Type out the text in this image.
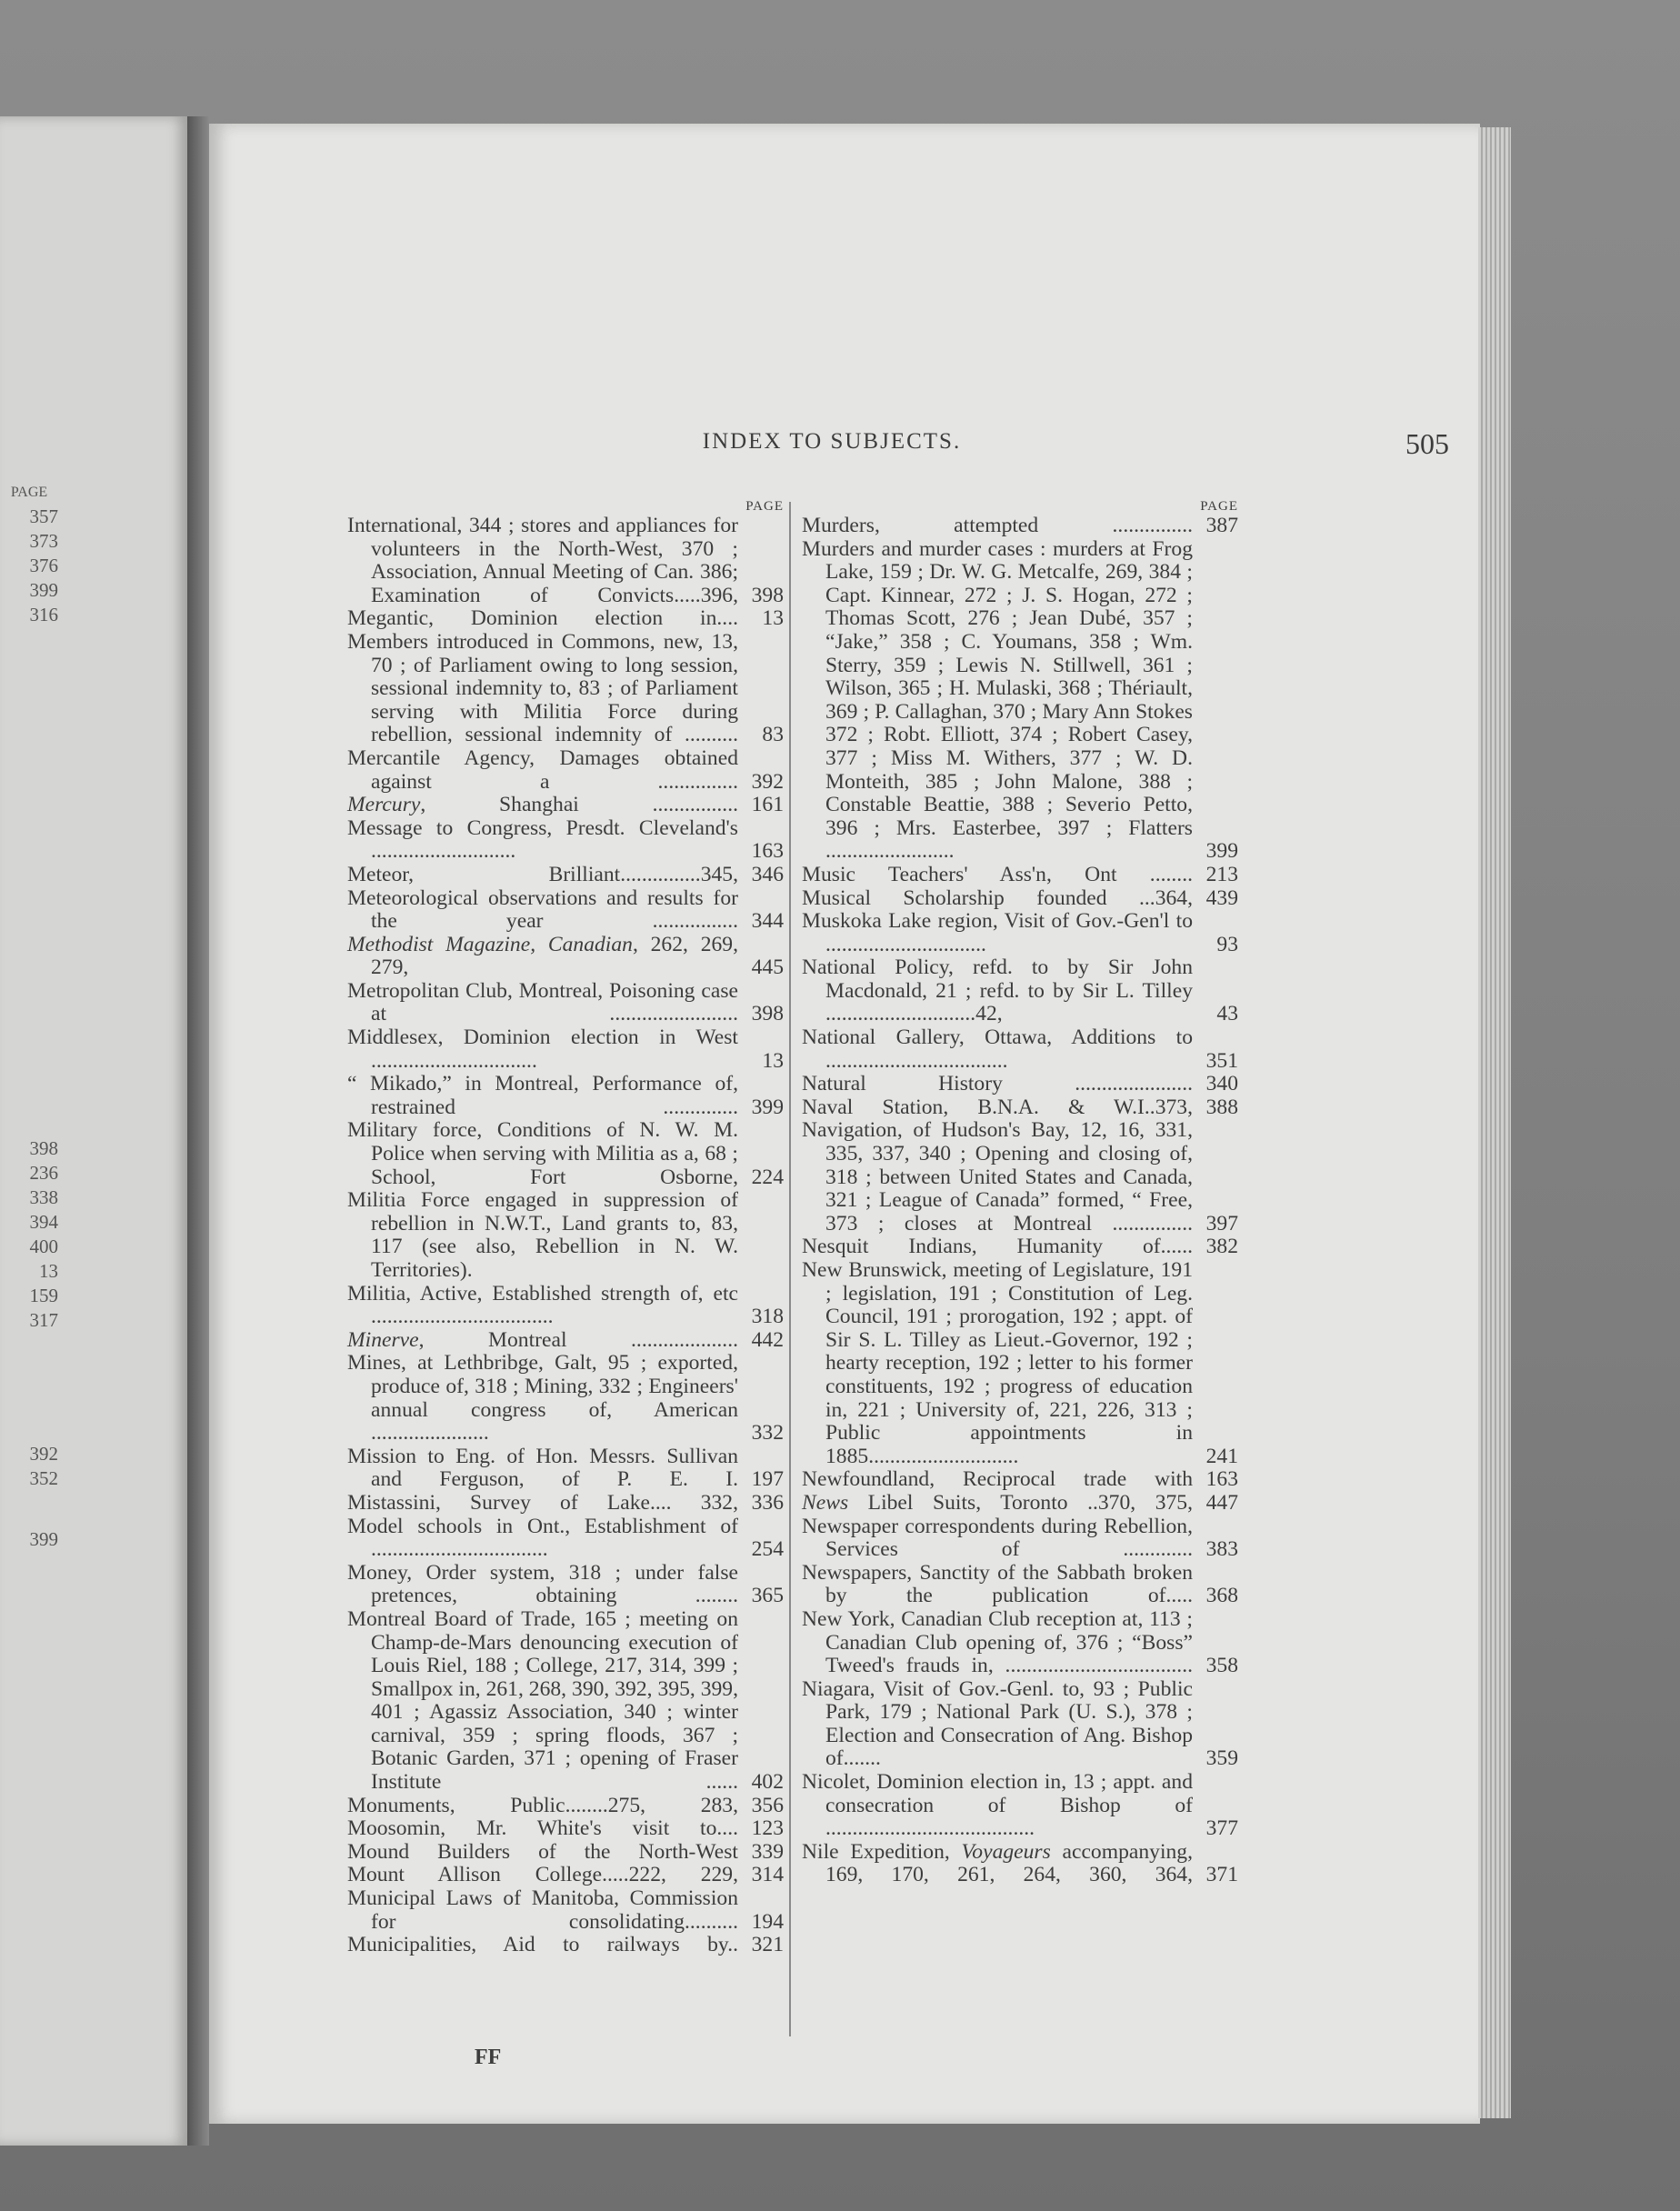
PAGE
357
373
376
399
316
398
236
338
394
400
13
159
317
392
352
399
INDEX TO SUBJECTS.	505
PAGE
International, 344 ; stores and appliances for volunteers in the North-West, 370 ; Association, Annual Meeting of Can. 386; Examination of Convicts.....396, 398
Megantic, Dominion election in....	13
Members introduced in Commons, new, 13, 70 ; of Parliament owing to long session, sessional indemnity to, 83 ; of Parliament serving with Militia Force during rebellion, sessional indemnity of ..........	83
Mercantile Agency, Damages obtained against a ............... 392
Mercury, Shanghai ................ 161
Message to Congress, Presdt. Cleveland's ...........................	163
Meteor, Brilliant...............345, 346
Meteorological observations and results for the year ................ 344
Methodist Magazine, Canadian, 262, 269, 279,	445
Metropolitan Club, Montreal, Poisoning case at ........................ 398
Middlesex, Dominion election in West ...............................	13
“ Mikado,” in Montreal, Performance of, restrained .............. 399
Military force, Conditions of N. W. M. Police when serving with Militia as a, 68 ; School, Fort Osborne, 224
Militia Force engaged in suppression of rebellion in N.W.T., Land grants to, 83, 117 (see also, Rebellion in N. W. Territories).
Militia, Active, Established strength of, etc ..................................	318
Minerve, Montreal .................... 442
Mines, at Lethbribge, Galt, 95 ; exported, produce of, 318 ; Mining, 332 ; Engineers' annual congress of, American ......................	332
Mission to Eng. of Hon. Messrs. Sullivan and Ferguson, of P. E. I. 197
Mistassini, Survey of Lake.... 332, 336
Model schools in Ont., Establishment of .................................	254
Money, Order system, 318 ; under false pretences, obtaining ........ 365
Montreal Board of Trade, 165 ; meeting on Champ-de-Mars denouncing execution of Louis Riel, 188 ; College, 217, 314, 399 ; Smallpox in, 261, 268, 390, 392, 395, 399, 401 ; Agassiz Association, 340 ; winter carnival, 359 ; spring floods, 367 ; Botanic Garden, 371 ; opening of Fraser Institute ...... 402
Monuments, Public........275, 283, 356
Moosomin, Mr. White's visit to.... 123
Mound Builders of the North-West 339
Mount Allison College.....222, 229, 314
Municipal Laws of Manitoba, Commission for consolidating.......... 194
Municipalities, Aid to railways by.. 321
PAGE
Murders, attempted ............... 387
Murders and murder cases : murders at Frog Lake, 159 ; Dr. W. G. Metcalfe, 269, 384 ; Capt. Kinnear, 272 ; J. S. Hogan, 272 ; Thomas Scott, 276 ; Jean Dubé, 357 ; “Jake,” 358 ; C. Youmans, 358 ; Wm. Sterry, 359 ; Lewis N. Stillwell, 361 ; Wilson, 365 ; H. Mulaski, 368 ; Thériault, 369 ; P. Callaghan, 370 ; Mary Ann Stokes 372 ; Robt. Elliott, 374 ; Robert Casey, 377 ; Miss M. Withers, 377 ; W. D. Monteith, 385 ; John Malone, 388 ; Constable Beattie, 388 ; Severio Petto, 396 ; Mrs. Easterbee, 397 ; Flatters ........................	399
Music Teachers' Ass'n, Ont ........ 213
Musical Scholarship founded ...364, 439
Muskoka Lake region, Visit of Gov.-Gen'l to ..............................	93
National Policy, refd. to by Sir John Macdonald, 21 ; refd. to by Sir L. Tilley ............................42,	43
National Gallery, Ottawa, Additions to ..................................	351
Natural History ...................... 340
Naval Station, B.N.A. & W.I..373, 388
Navigation, of Hudson's Bay, 12, 16, 331, 335, 337, 340 ; Opening and closing of, 318 ; between United States and Canada, 321 ; League of Canada” formed, “ Free, 373 ; closes at Montreal ............... 397
Nesquit Indians, Humanity of...... 382
New Brunswick, meeting of Legislature, 191 ; legislation, 191 ; Constitution of Leg. Council, 191 ; prorogation, 192 ; appt. of Sir S. L. Tilley as Lieut.-Governor, 192 ; hearty reception, 192 ; letter to his former constituents, 192 ; progress of education in, 221 ; University of, 221, 226, 313 ; Public appointments in 1885............................	241
Newfoundland, Reciprocal trade with 163
News Libel Suits, Toronto ..370, 375, 447
Newspaper correspondents during Rebellion, Services of ............. 383
Newspapers, Sanctity of the Sabbath broken by the publication of..... 368
New York, Canadian Club reception at, 113 ; Canadian Club opening of, 376 ; “Boss” Tweed's frauds in, ................................... 358
Niagara, Visit of Gov.-Genl. to, 93 ; Public Park, 179 ; National Park (U. S.), 378 ; Election and Consecration of Ang. Bishop of.......	359
Nicolet, Dominion election in, 13 ; appt. and consecration of Bishop of .......................................	377
Nile Expedition, Voyageurs accompanying, 169, 170, 261, 264, 360, 364, 371
FF
